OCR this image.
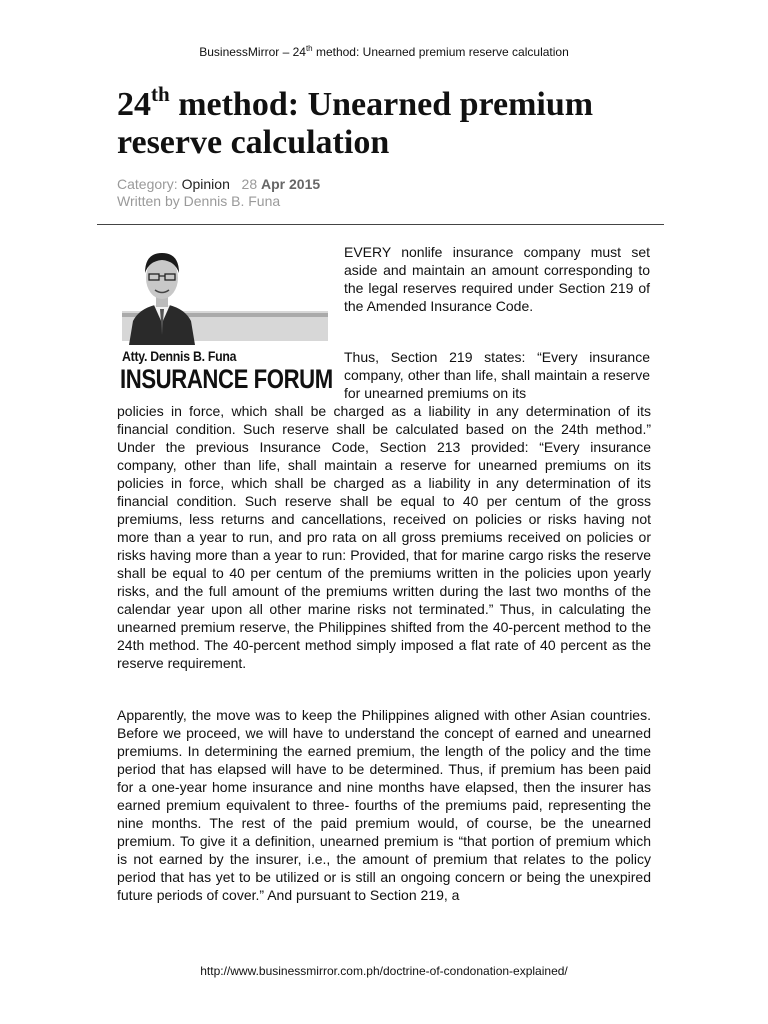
BusinessMirror – 24th method: Unearned premium reserve calculation
24th method: Unearned premium
reserve calculation
Category: Opinion 28 Apr 2015
Written by Dennis B. Funa
Atty. Dennis B. Funa
INSURANCE FORUM

EVERY nonlife insurance company must set aside and maintain an amount corresponding to the legal reserves required under Section 219 of the Amended Insurance Code.

Thus, Section 219 states: “Every insurance company, other than life, shall maintain a reserve for unearned premiums on its

policies in force, which shall be charged as a liability in any determination of its financial condition. Such reserve shall be calculated based on the 24th method.” Under the previous Insurance Code, Section 213 provided: “Every insurance company, other than life, shall maintain a reserve for unearned premiums on its policies in force, which shall be charged as a liability in any determination of its financial condition. Such reserve shall be equal to 40 per centum of the gross premiums, less returns and cancellations, received on policies or risks having not more than a year to run, and pro rata on all gross premiums received on policies or risks having more than a year to run: Provided, that for marine cargo risks the reserve shall be equal to 40 per centum of the premiums written in the policies upon yearly risks, and the full amount of the premiums written during the last two months of the calendar year upon all other marine risks not terminated.” Thus, in calculating the unearned premium reserve, the Philippines shifted from the 40-percent method to the 24th method. The 40-percent method simply imposed a flat rate of 40 percent as the reserve requirement.

Apparently, the move was to keep the Philippines aligned with other Asian countries. Before we proceed, we will have to understand the concept of earned and unearned premiums. In determining the earned premium, the length of the policy and the time period that has elapsed will have to be determined. Thus, if premium has been paid for a one-year home insurance and nine months have elapsed, then the insurer has earned premium equivalent to three- fourths of the premiums paid, representing the nine months. The rest of the paid premium would, of course, be the unearned premium. To give it a definition, unearned premium is “that portion of premium which is not earned by the insurer, i.e., the amount of premium that relates to the policy period that has yet to be utilized or is still an ongoing concern or being the unexpired future periods of cover.” And pursuant to Section 219, a

http://www.businessmirror.com.ph/doctrine-of-condonation-explained/
